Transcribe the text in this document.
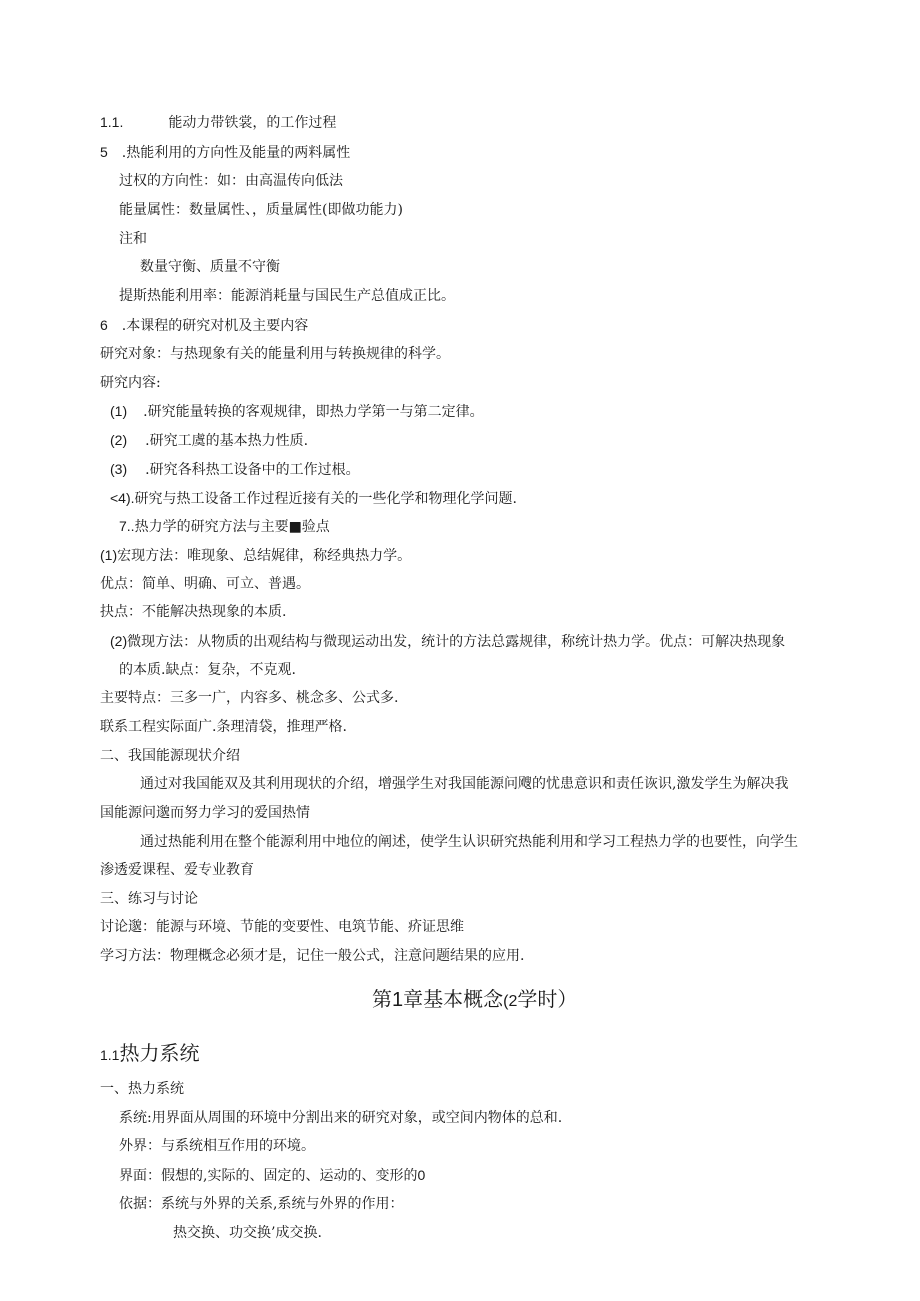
1.1.	能动力带铁裳，的工作过程
5 .热能利用的方向性及能量的两料属性
过权的方向性：如：由高温传向低法
能量属性：数量属性、，质量属性(即做功能力)
注和
数量守衡、质量不守衡
提斯热能利用率：能源消耗量与国民生产总值成正比。
6 .本课程的研究对机及主要内容
研究对象：与热现象有关的能量利用与转换规律的科学。
研究内容:
(1) .研究能量转换的客观规律，即热力学第一与第二定律。
(2) .研究工虞的基本热力性质.
(3) .研究各科热工设备中的工作过根。
<4).研究与热工设备工作过程近接有关的一些化学和物理化学问题.
7..热力学的研究方法与主要■验点
(1)宏现方法：唯现象、总结娓律，称经典热力学。
优点：简单、明确、可立、普遇。
抉点：不能解决热现象的本质.
(2)微现方法：从物质的出观结构与微现运动出发，统计的方法总露规律，称统计热力学。优点：可解决热现象
的本质.缺点：复杂，不克观.
主要特点：三多一广，内容多、桃念多、公式多.
联系工程实际面广.条理清袋，推理严格.
二、我国能源现状介绍
通过对我国能双及其利用现状的介绍，增强学生对我国能源问飕的忧患意识和责任诙识,激发学生为解决我
国能源问邈而努力学习的爱国热情
通过热能利用在整个能源利用中地位的阐述，使学生认识研究热能利用和学习工程热力学的也要性，向学生
渗透爱课程、爱专业教育
三、练习与讨论
讨论邈：能源与环境、节能的变要性、电筑节能、疥证思维
学习方法：物理概念必须才是，记住一般公式，注意问题结果的应用.
第1章基本概念(2学时）
1.1热力系统
一、热力系统
系统:用界面从周围的环境中分割出来的研究对象，或空间内物体的总和.
外界：与系统相互作用的环境。
界面：假想的,实际的、固定的、运动的、变形的0
依据：系统与外界的关系,系统与外界的作用：
热交换、功交换’成交换.
